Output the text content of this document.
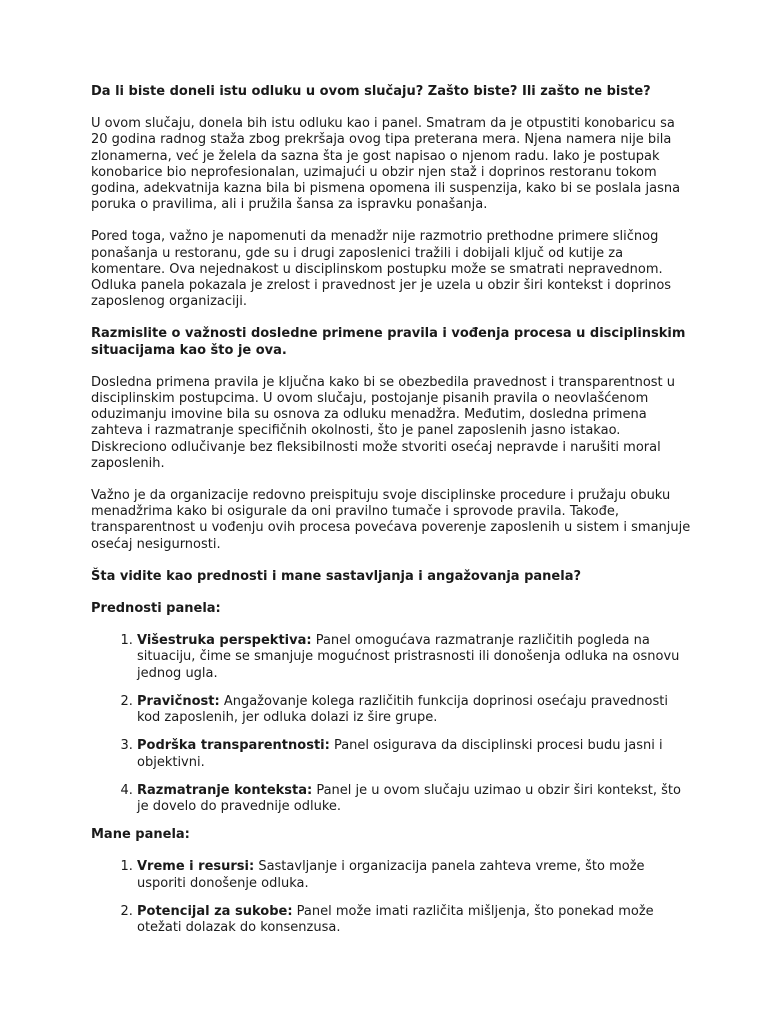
Da li biste doneli istu odluku u ovom slučaju? Zašto biste? Ili zašto ne biste?

U ovom slučaju, donela bih istu odluku kao i panel. Smatram da je otpustiti konobaricu sa 20 godina radnog staža zbog prekršaja ovog tipa preterana mera. Njena namera nije bila zlonamerna, već je želela da sazna šta je gost napisao o njenom radu. Iako je postupak konobarice bio neprofesionalan, uzimajući u obzir njen staž i doprinos restoranu tokom godina, adekvatnija kazna bila bi pismena opomena ili suspenzija, kako bi se poslala jasna poruka o pravilima, ali i pružila šansa za ispravku ponašanja.

Pored toga, važno je napomenuti da menadžr nije razmotrio prethodne primere sličnog ponašanja u restoranu, gde su i drugi zaposlenici tražili i dobijali ključ od kutije za komentare. Ova nejednakost u disciplinskom postupku može se smatrati nepravednom. Odluka panela pokazala je zrelost i pravednost jer je uzela u obzir širi kontekst i doprinos zaposlenog organizaciji.

Razmislite o važnosti dosledne primene pravila i vođenja procesa u disciplinskim situacijama kao što je ova.

Dosledna primena pravila je ključna kako bi se obezbedila pravednost i transparentnost u disciplinskim postupcima. U ovom slučaju, postojanje pisanih pravila o neovlašćenom oduzimanju imovine bila su osnova za odluku menadžra. Međutim, dosledna primena zahteva i razmatranje specifičnih okolnosti, što je panel zaposlenih jasno istakao. Diskreciono odlučivanje bez fleksibilnosti može stvoriti osećaj nepravde i narušiti moral zaposlenih.

Važno je da organizacije redovno preispituju svoje disciplinske procedure i pružaju obuku menadžrima kako bi osigurale da oni pravilno tumače i sprovode pravila. Takođe, transparentnost u vođenju ovih procesa povećava poverenje zaposlenih u sistem i smanjuje osećaj nesigurnosti.

Šta vidite kao prednosti i mane sastavljanja i angažovanja panela?

Prednosti panela:

1. Višestruka perspektiva: Panel omogućava razmatranje različitih pogleda na situaciju, čime se smanjuje mogućnost pristrasnosti ili donošenja odluka na osnovu jednog ugla.
2. Pravičnost: Angažovanje kolega različitih funkcija doprinosi osećaju pravednosti kod zaposlenih, jer odluka dolazi iz šire grupe.
3. Podrška transparentnosti: Panel osigurava da disciplinski procesi budu jasni i objektivni.
4. Razmatranje konteksta: Panel je u ovom slučaju uzimao u obzir širi kontekst, što je dovelo do pravednije odluke.

Mane panela:

1. Vreme i resursi: Sastavljanje i organizacija panela zahteva vreme, što može usporiti donošenje odluka.
2. Potencijal za sukobe: Panel može imati različita mišljenja, što ponekad može otežati dolazak do konsenzusa.
